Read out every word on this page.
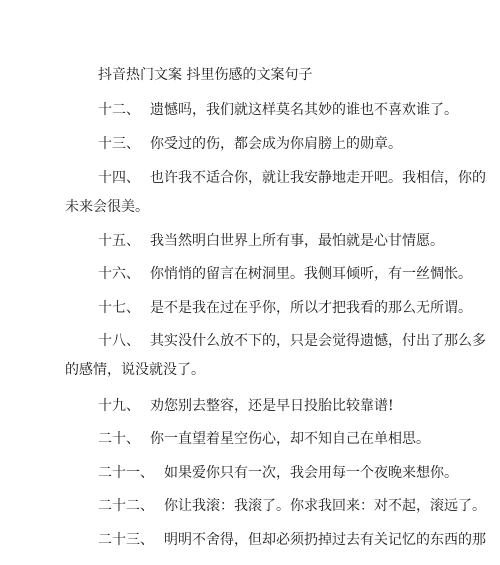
抖音热门文案 抖里伤感的文案句子
十二、 遗憾吗，我们就这样莫名其妙的谁也不喜欢谁了。
十三、 你受过的伤，都会成为你肩膀上的勋章。
十四、 也许我不适合你，就让我安静地走开吧。我相信，你的
未来会很美。
十五、 我当然明白世界上所有事，最怕就是心甘情愿。
十六、 你悄悄的留言在树洞里。我侧耳倾听，有一丝惆怅。
十七、 是不是我在过在乎你，所以才把我看的那么无所谓。
十八、 其实没什么放不下的，只是会觉得遗憾，付出了那么多
的感情，说没就没了。
十九、 劝您别去整容，还是早日投胎比较靠谱!
二十、 你一直望着星空伤心，却不知自己在单相思。
二十一、 如果爱你只有一次，我会用每一个夜晚来想你。
二十二、 你让我滚：我滚了。你求我回来：对不起，滚远了。
二十三、 明明不舍得，但却必须扔掉过去有关记忆的东西的那
